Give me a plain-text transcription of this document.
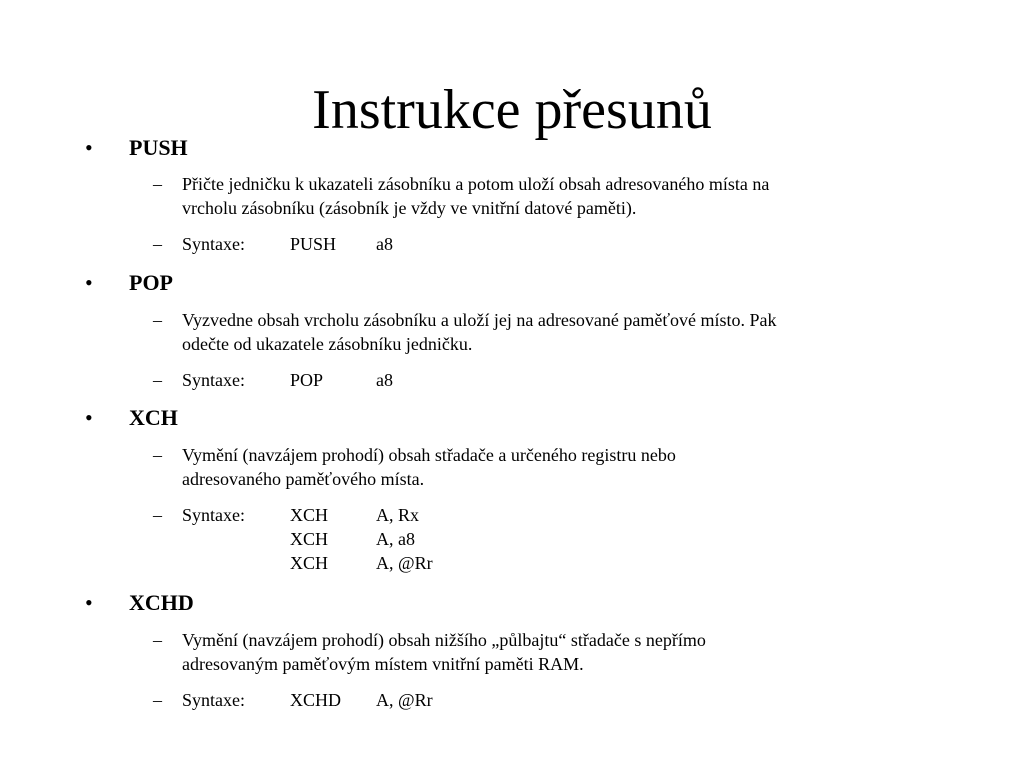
Instrukce přesunů
• PUSH
– Přičte jedničku k ukazateli zásobníku a potom uloží obsah adresovaného místa na
vrcholu zásobníku (zásobník je vždy ve vnitřní datové paměti).
– Syntaxe:	PUSH a8
• POP
– Vyzvedne obsah vrcholu zásobníku a uloží jej na adresované paměťové místo. Pak
odečte od ukazatele zásobníku jedničku.
– Syntaxe:	POP	a8
• XCH
– Vymění (navzájem prohodí) obsah střadače a určeného registru nebo
adresovaného paměťového místa.
– Syntaxe:	XCH	A, Rx
XCH	A, a8
XCH	A, @Rr
• XCHD
– Vymění (navzájem prohodí) obsah nižšího „půlbajtu“ střadače s nepřímo
adresovaným paměťovým místem vnitřní paměti RAM.
– Syntaxe:	XCHD A, @Rr
